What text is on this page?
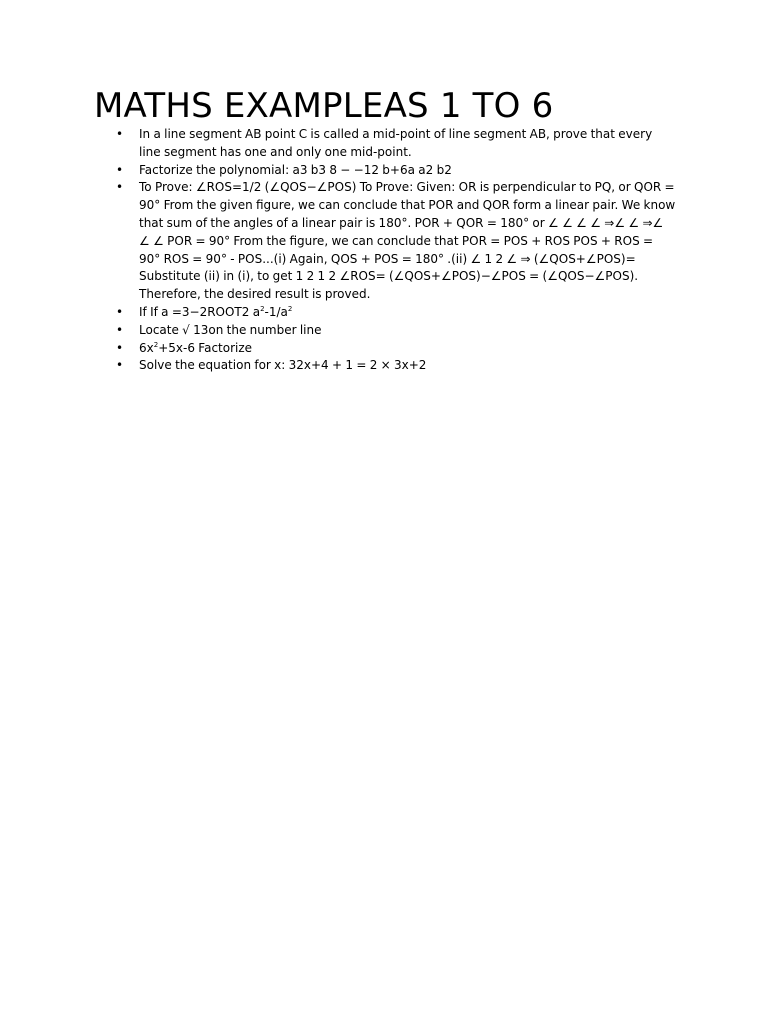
MATHS EXAMPLEAS 1 TO 6
• In a line segment AB point C is called a mid-point of line segment AB, prove that every line segment has one and only one mid-point.
• Factorize the polynomial: a3 b3 8 − −12 b+6a a2 b2
• To Prove: ∠ROS=1/2 (∠QOS−∠POS) To Prove: Given: OR is perpendicular to PQ, or QOR = 90° From the given figure, we can conclude that POR and QOR form a linear pair. We know that sum of the angles of a linear pair is 180°. POR + QOR = 180° or ∠ ∠ ∠ ∠ ⇒∠ ∠ ⇒∠ ∠ ∠ POR = 90° From the figure, we can conclude that POR = POS + ROS POS + ROS = 90° ROS = 90° - POS...(i) Again, QOS + POS = 180° .(ii) ∠ 1 2 ∠ ⇒ (∠QOS+∠POS)= Substitute (ii) in (i), to get 1 2 1 2 ∠ROS= (∠QOS+∠POS)−∠POS = (∠QOS−∠POS). Therefore, the desired result is proved.
• If If a =3−2ROOT2 $a^2-1/a^2$
• Locate √ 13on the number line
• $6x^2+5x-6$ Factorize
• Solve the equation for x: 32x+4 + 1 = 2 × 3x+2
